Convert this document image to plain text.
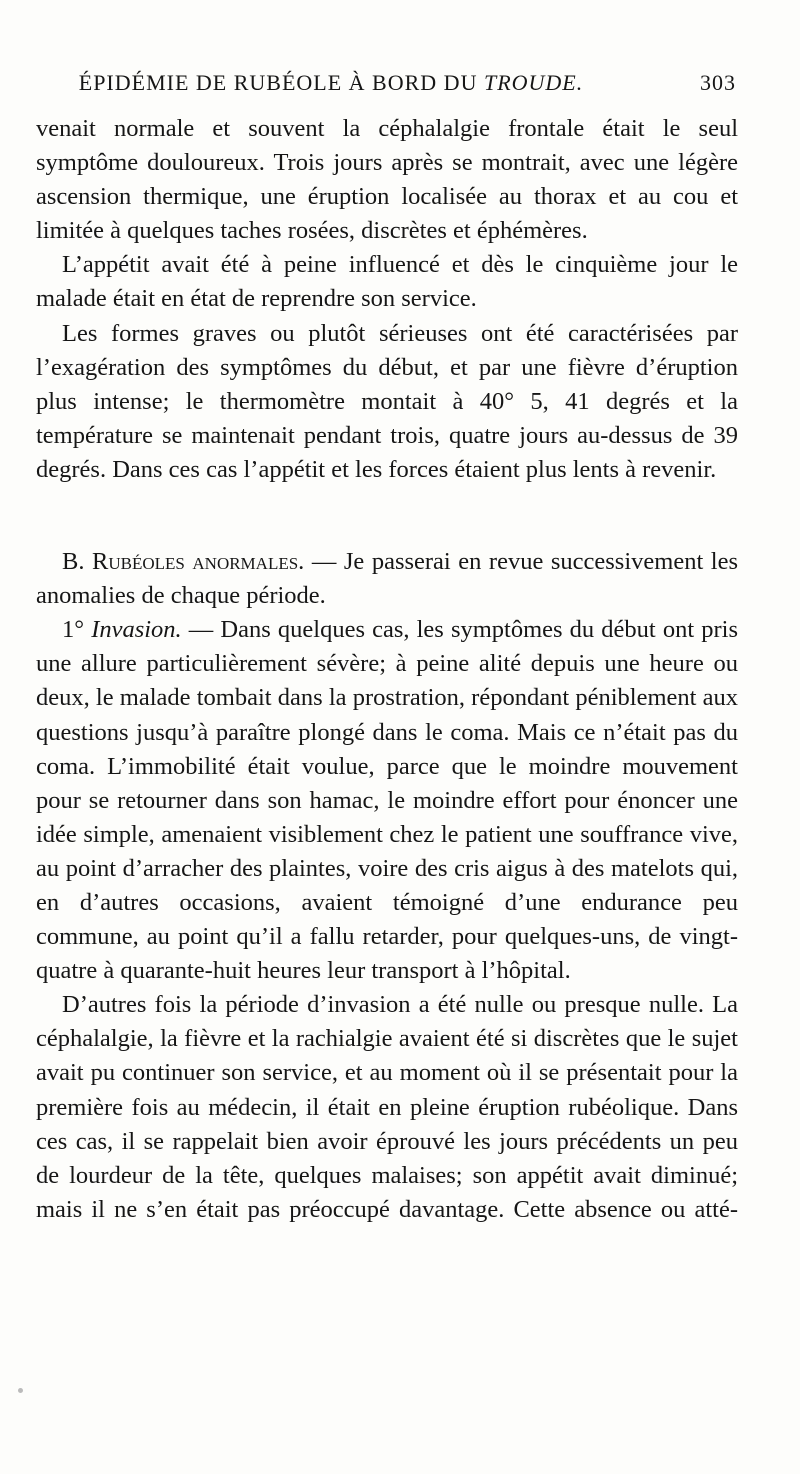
ÉPIDÉMIE DE RUBÉOLE À BORD DU TROUDE.	303

venait normale et souvent la céphalalgie frontale était le seul symptôme douloureux. Trois jours après se montrait, avec une légère ascension thermique, une éruption localisée au thorax et au cou et limitée à quelques taches rosées, discrètes et éphémères.

L’appétit avait été à peine influencé et dès le cinquième jour le malade était en état de reprendre son service.

Les formes graves ou plutôt sérieuses ont été caractérisées par l’exagération des symptômes du début, et par une fièvre d’éruption plus intense; le thermomètre montait à 40° 5, 41 degrés et la température se maintenait pendant trois, quatre jours au-dessus de 39 degrés. Dans ces cas l’appétit et les forces étaient plus lents à revenir.

B. Rubéoles anormales. — Je passerai en revue successivement les anomalies de chaque période.

1° Invasion. — Dans quelques cas, les symptômes du début ont pris une allure particulièrement sévère; à peine alité depuis une heure ou deux, le malade tombait dans la prostration, répondant péniblement aux questions jusqu’à paraître plongé dans le coma. Mais ce n’était pas du coma. L’immobilité était voulue, parce que le moindre mouvement pour se retourner dans son hamac, le moindre effort pour énoncer une idée simple, amenaient visiblement chez le patient une souffrance vive, au point d’arracher des plaintes, voire des cris aigus à des matelots qui, en d’autres occasions, avaient témoigné d’une endurance peu commune, au point qu’il a fallu retarder, pour quelques-uns, de vingt-quatre à quarante-huit heures leur transport à l’hôpital.

D’autres fois la période d’invasion a été nulle ou presque nulle. La céphalalgie, la fièvre et la rachialgie avaient été si discrètes que le sujet avait pu continuer son service, et au moment où il se présentait pour la première fois au médecin, il était en pleine éruption rubéolique. Dans ces cas, il se rappelait bien avoir éprouvé les jours précédents un peu de lourdeur de la tête, quelques malaises; son appétit avait diminué; mais il ne s’en était pas préoccupé davantage. Cette absence ou atté-
